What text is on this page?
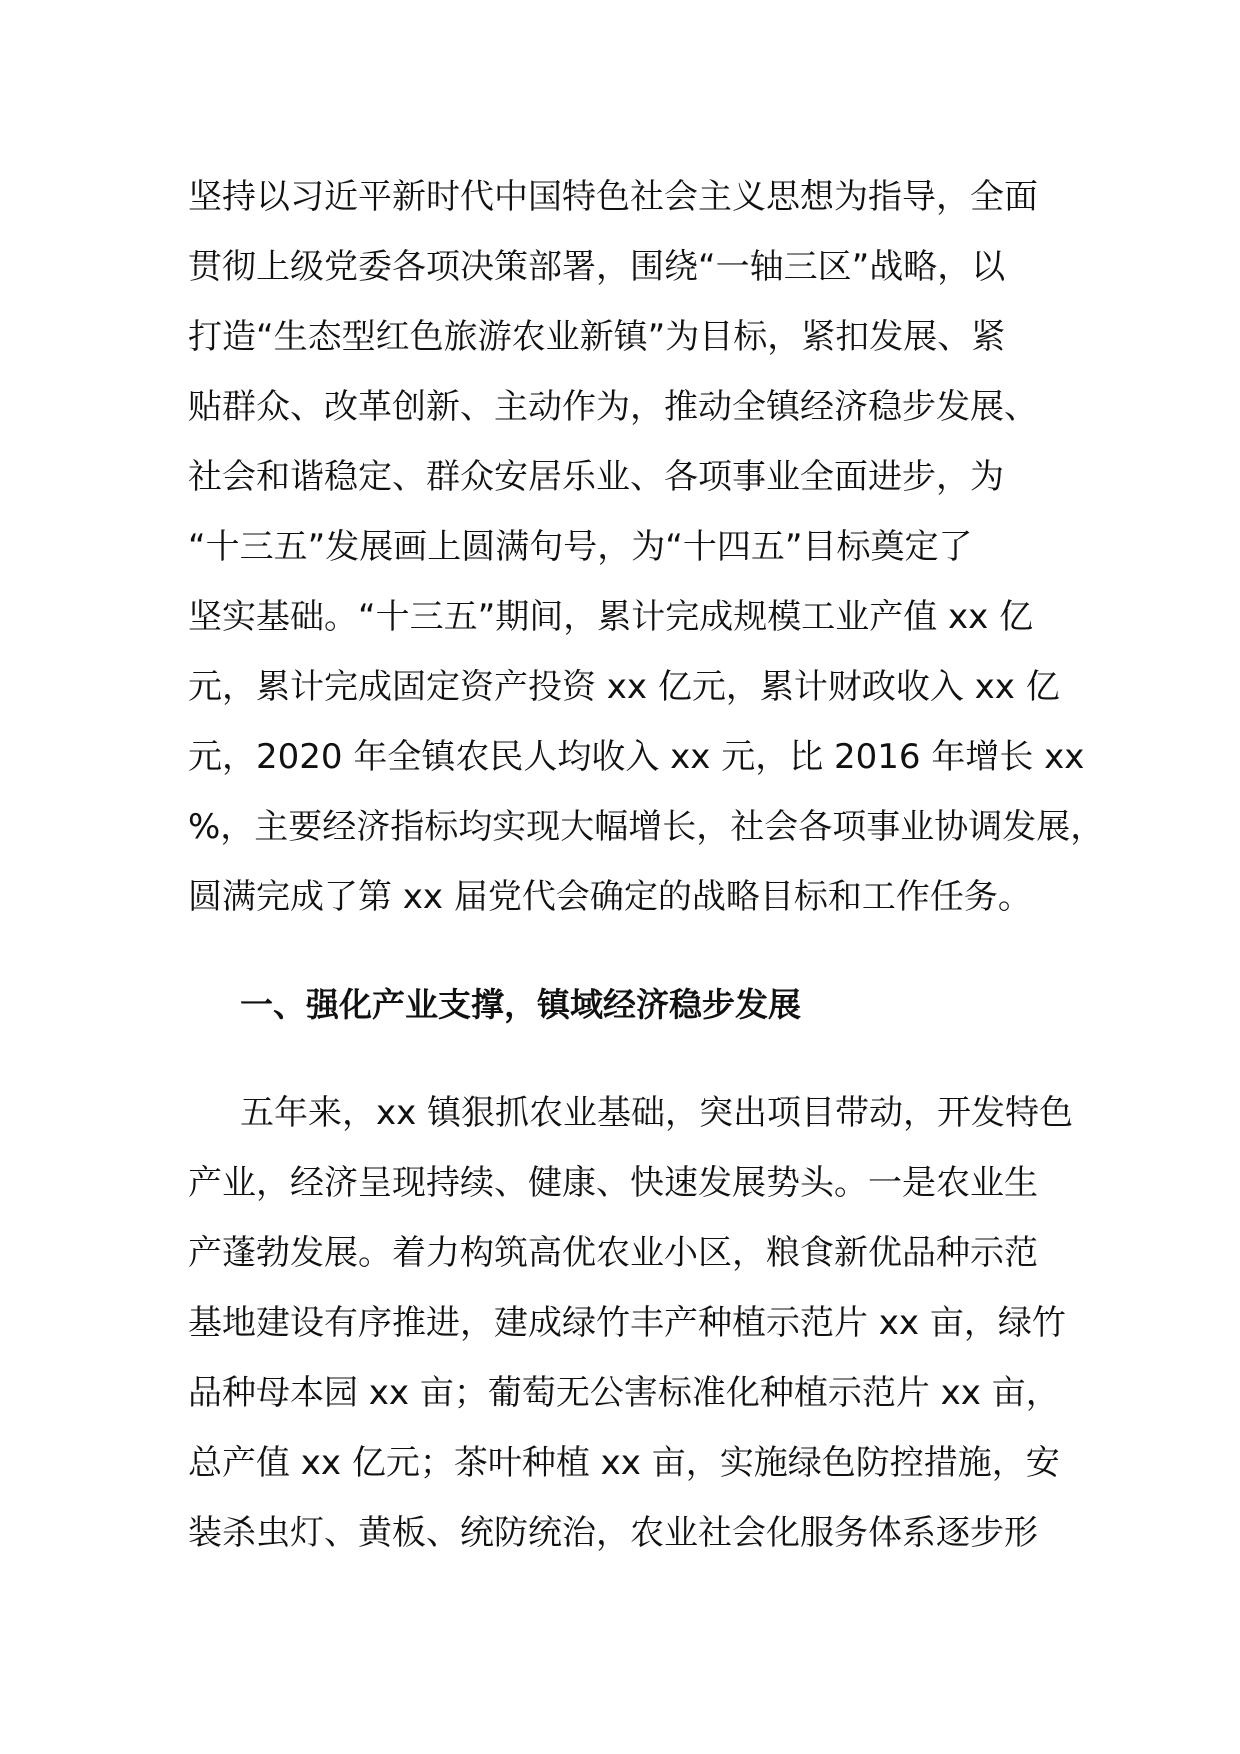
坚持以习近平新时代中国特色社会主义思想为指导，全面
贯彻上级党委各项决策部署，围绕“一轴三区”战略，以
打造“生态型红色旅游农业新镇”为目标，紧扣发展、紧
贴群众、改革创新、主动作为，推动全镇经济稳步发展、
社会和谐稳定、群众安居乐业、各项事业全面进步，为
“十三五”发展画上圆满句号，为“十四五”目标奠定了
坚实基础。“十三五”期间，累计完成规模工业产值 xx 亿
元，累计完成固定资产投资 xx 亿元，累计财政收入 xx 亿
元，2020 年全镇农民人均收入 xx 元，比 2016 年增长 xx
%，主要经济指标均实现大幅增长，社会各项事业协调发展，
圆满完成了第 xx 届党代会确定的战略目标和工作任务。
一、强化产业支撑，镇域经济稳步发展
五年来，xx 镇狠抓农业基础，突出项目带动，开发特色
产业，经济呈现持续、健康、快速发展势头。一是农业生
产蓬勃发展。着力构筑高优农业小区，粮食新优品种示范
基地建设有序推进，建成绿竹丰产种植示范片 xx 亩，绿竹
品种母本园 xx 亩；葡萄无公害标准化种植示范片 xx 亩，
总产值 xx 亿元；茶叶种植 xx 亩，实施绿色防控措施，安
装杀虫灯、黄板、统防统治，农业社会化服务体系逐步形
